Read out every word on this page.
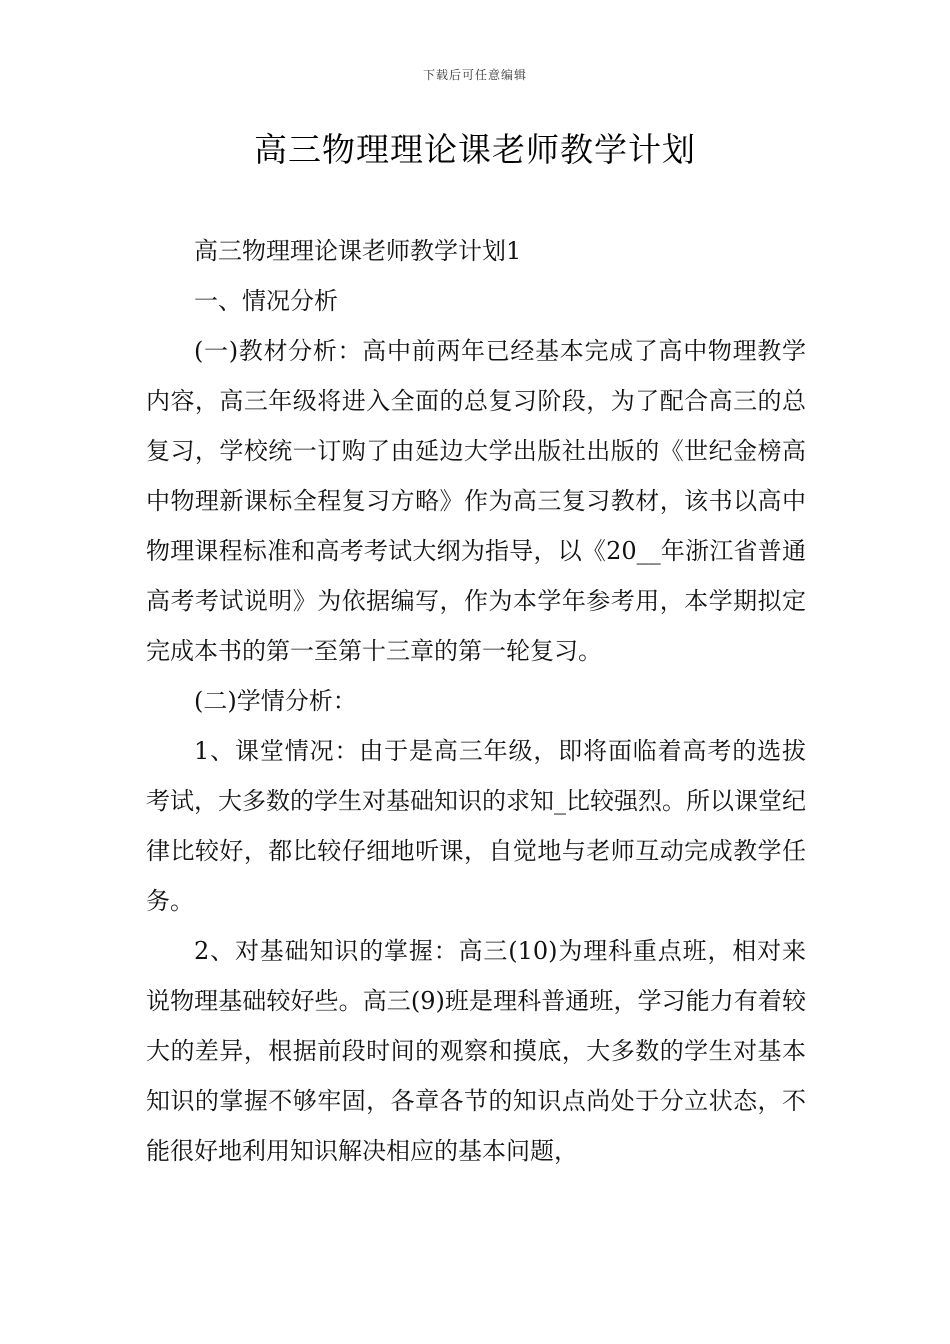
下载后可任意编辑
高三物理理论课老师教学计划

高三物理理论课老师教学计划1

一、情况分析

(一)教材分析：高中前两年已经基本完成了高中物理教学内容，高三年级将进入全面的总复习阶段，为了配合高三的总复习，学校统一订购了由延边大学出版社出版的《世纪金榜高中物理新课标全程复习方略》作为高三复习教材，该书以高中物理课程标准和高考考试大纲为指导，以《20__年浙江省普通高考考试说明》为依据编写，作为本学年参考用，本学期拟定完成本书的第一至第十三章的第一轮复习。

(二)学情分析：

1、课堂情况：由于是高三年级，即将面临着高考的选拔考试，大多数的学生对基础知识的求知_比较强烈。所以课堂纪律比较好，都比较仔细地听课，自觉地与老师互动完成教学任务。

2、对基础知识的掌握：高三(10)为理科重点班，相对来说物理基础较好些。高三(9)班是理科普通班，学习能力有着较大的差异，根据前段时间的观察和摸底，大多数的学生对基本知识的掌握不够牢固，各章各节的知识点尚处于分立状态，不能很好地利用知识解决相应的基本问题，
